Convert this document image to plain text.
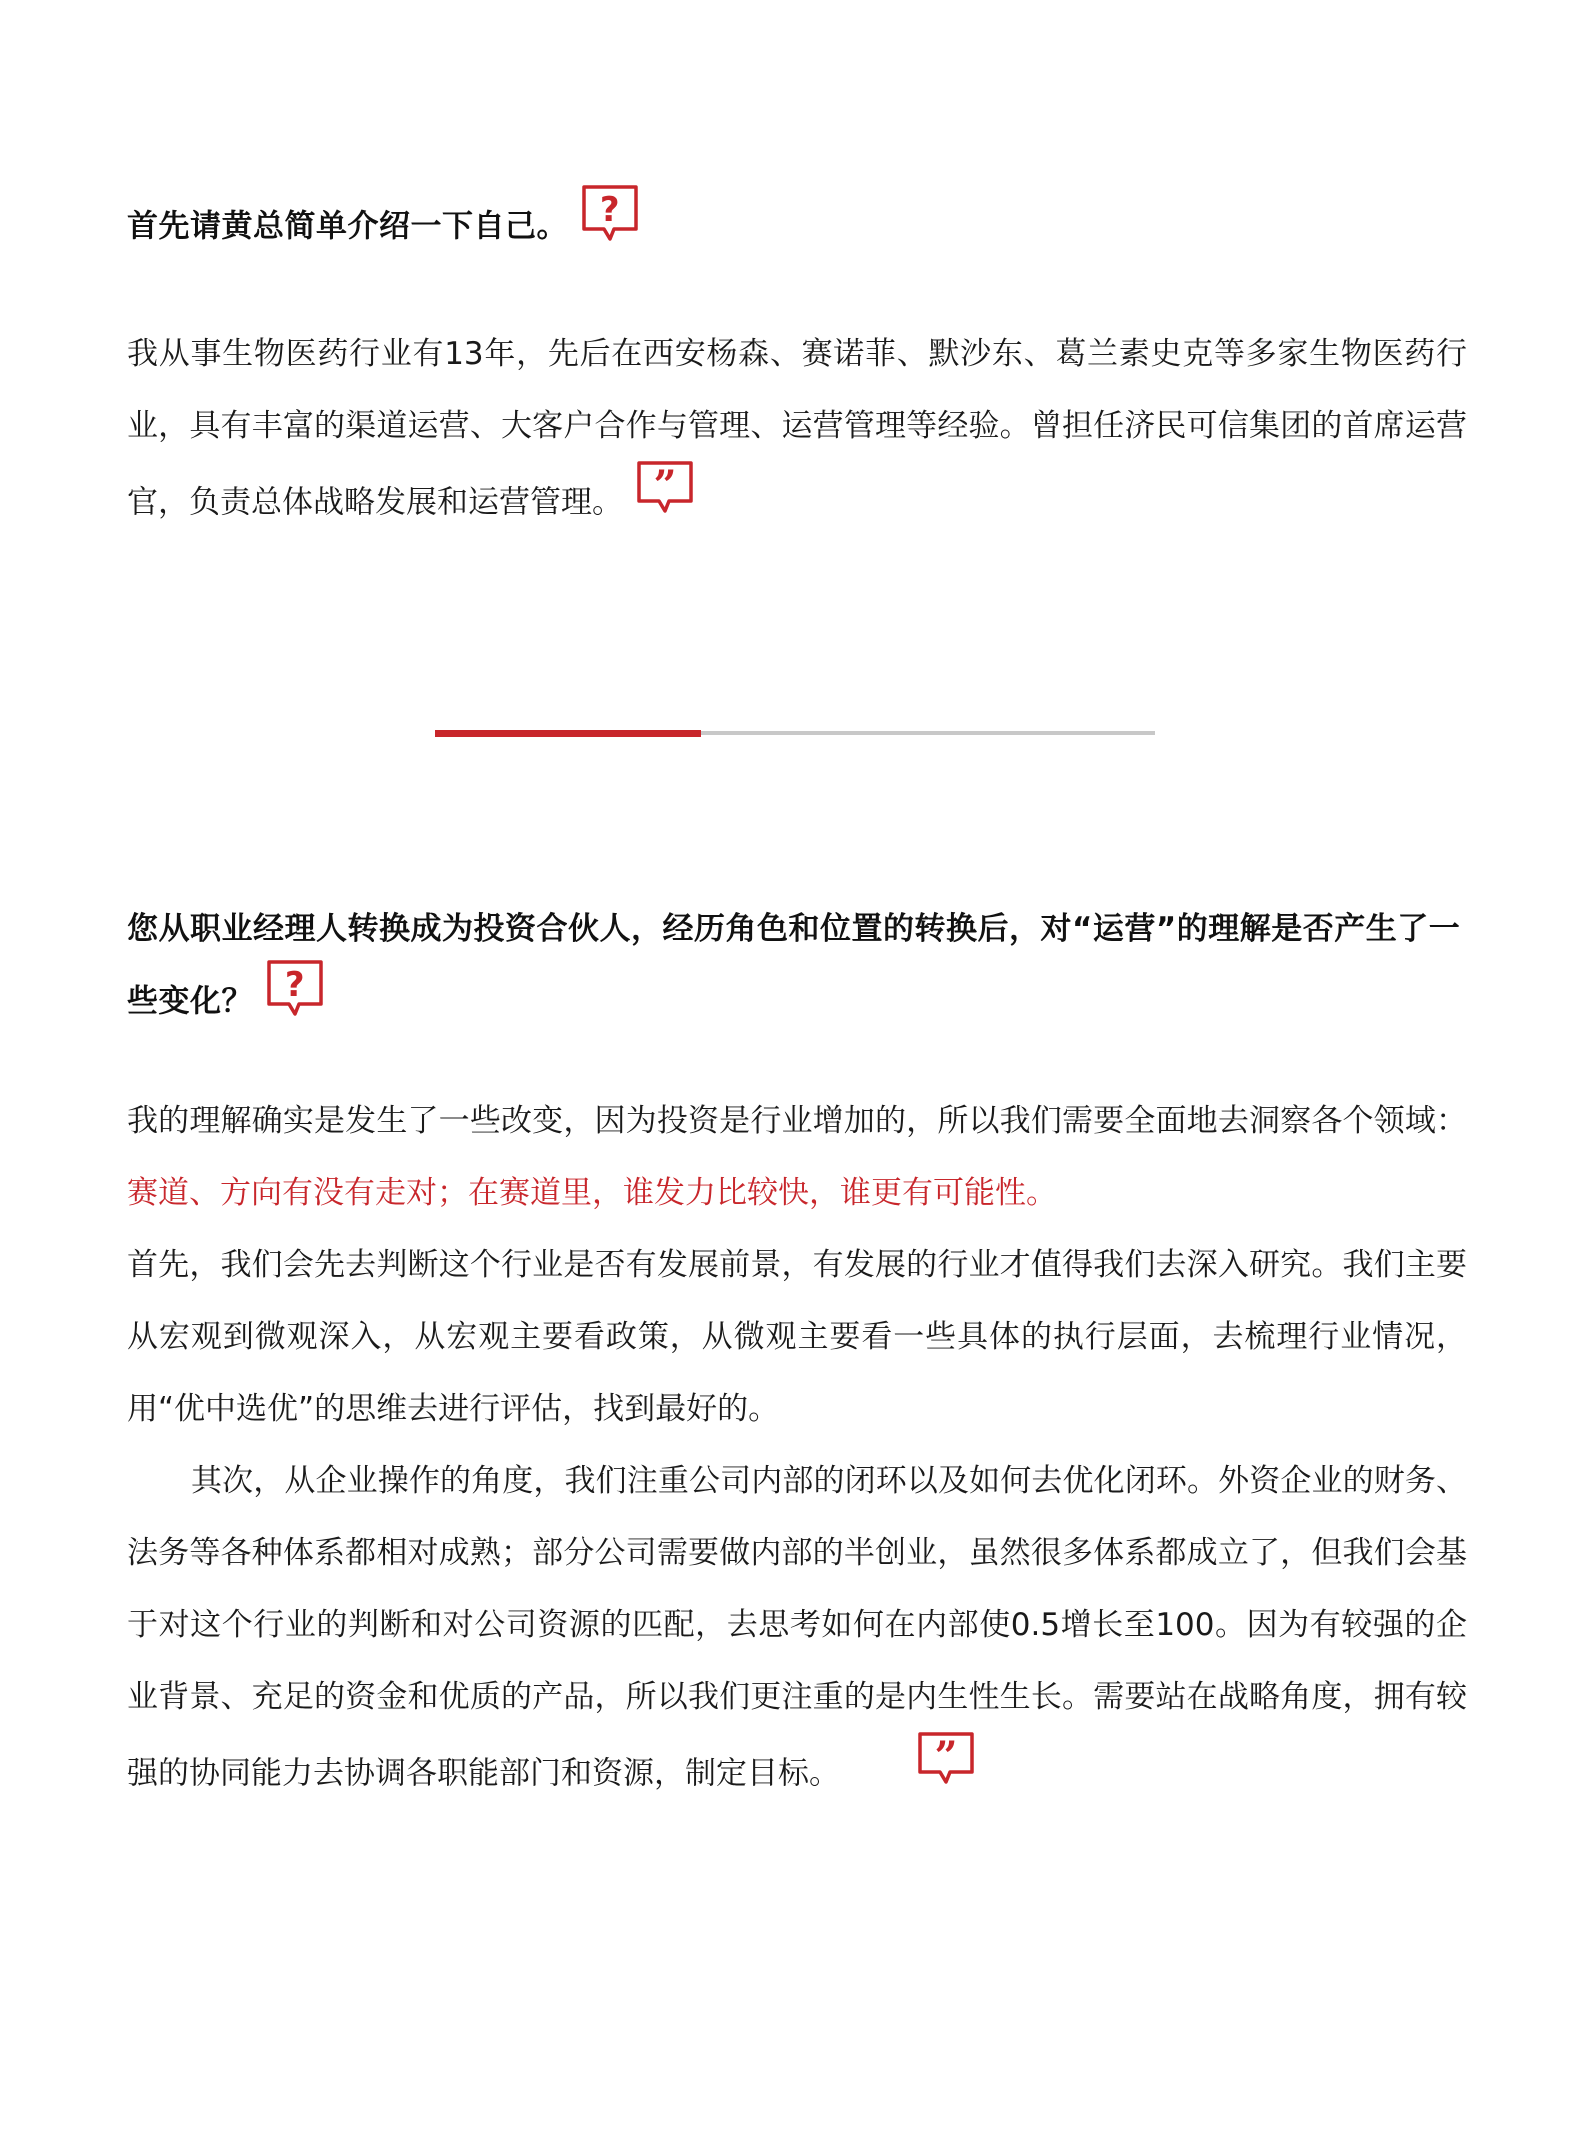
首先请黄总简单介绍一下自己。 ?

我从事生物医药行业有13年，先后在西安杨森、赛诺菲、默沙东、葛兰素史克等多家生物医药行业，具有丰富的渠道运营、大客户合作与管理、运营管理等经验。曾担任济民可信集团的首席运营官，负责总体战略发展和运营管理。 ”

您从职业经理人转换成为投资合伙人，经历角色和位置的转换后，对“运营”的理解是否产生了一些变化？ ?

我的理解确实是发生了一些改变，因为投资是行业增加的，所以我们需要全面地去洞察各个领域：赛道、方向有没有走对；在赛道里，谁发力比较快，谁更有可能性。

首先，我们会先去判断这个行业是否有发展前景，有发展的行业才值得我们去深入研究。我们主要从宏观到微观深入，从宏观主要看政策，从微观主要看一些具体的执行层面，去梳理行业情况，用“优中选优”的思维去进行评估，找到最好的。

其次，从企业操作的角度，我们注重公司内部的闭环以及如何去优化闭环。外资企业的财务、法务等各种体系都相对成熟；部分公司需要做内部的半创业，虽然很多体系都成立了，但我们会基于对这个行业的判断和对公司资源的匹配，去思考如何在内部使0.5增长至100。因为有较强的企业背景、充足的资金和优质的产品，所以我们更注重的是内生性生长。需要站在战略角度，拥有较强的协同能力去协调各职能部门和资源，制定目标。 ”
